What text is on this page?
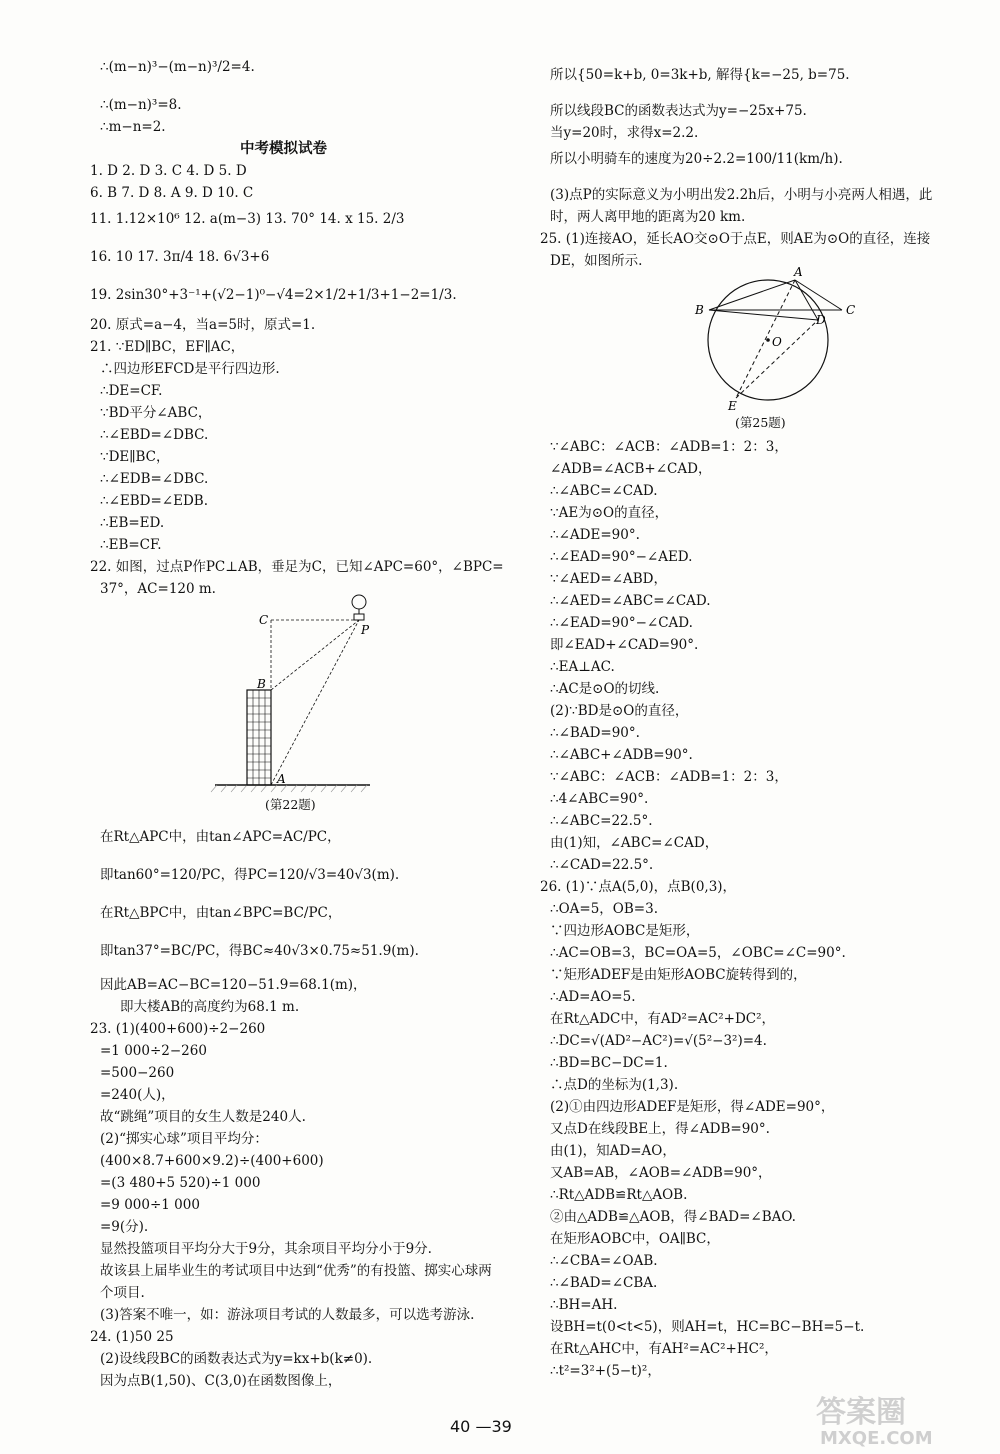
∴(m−n)³−(m−n)³/2=4.
∴(m−n)³=8.
∴m−n=2.
中考模拟试卷
1. D 2. D 3. C 4. D 5. D
6. B 7. D 8. A 9. D 10. C
11. 1.12×10⁶ 12. a(m−3) 13. 70° 14. x 15. 2/3
16. 10 17. 3π/4 18. 6√3+6
19. 2sin30°+3⁻¹+(√2−1)⁰−√4=2×1/2+1/3+1−2=1/3.
20. 原式=a−4，当a=5时，原式=1.
21. ∵ED∥BC，EF∥AC，
∴四边形EFCD是平行四边形.
∴DE=CF.
∵BD平分∠ABC，
∴∠EBD=∠DBC.
∵DE∥BC，
∴∠EDB=∠DBC.
∴∠EBD=∠EDB.
∴EB=ED.
∴EB=CF.
22. 如图，过点P作PC⊥AB，垂足为C，已知∠APC=60°，∠BPC=
37°，AC=120 m.
(第22题)
在Rt△APC中，由tan∠APC=AC/PC，
即tan60°=120/PC，得PC=120/√3=40√3(m).
在Rt△BPC中，由tan∠BPC=BC/PC，
即tan37°=BC/PC，得BC≈40√3×0.75≈51.9(m).
因此AB=AC−BC=120−51.9=68.1(m)，
即大楼AB的高度约为68.1 m.
23. (1)(400+600)÷2−260
=1 000÷2−260
=500−260
=240(人)，
故“跳绳”项目的女生人数是240人.
(2)“掷实心球”项目平均分：
(400×8.7+600×9.2)÷(400+600)
=(3 480+5 520)÷1 000
=9 000÷1 000
=9(分).
显然投篮项目平均分大于9分，其余项目平均分小于9分.
故该县上届毕业生的考试项目中达到“优秀”的有投篮、掷实心球两
个项目.
(3)答案不唯一，如：游泳项目考试的人数最多，可以选考游泳.
24. (1)50 25
(2)设线段BC的函数表达式为y=kx+b(k≠0).
因为点B(1,50)、C(3,0)在函数图像上，
所以{50=k+b, 0=3k+b, 解得{k=−25, b=75.
所以线段BC的函数表达式为y=−25x+75.
当y=20时，求得x=2.2.
所以小明骑车的速度为20÷2.2=100/11(km/h).
(3)点P的实际意义为小明出发2.2h后，小明与小亮两人相遇，此
时，两人离甲地的距离为20 km.
25. (1)连接AO，延长AO交⊙O于点E，则AE为⊙O的直径，连接
DE，如图所示.
(第25题)
∵∠ABC：∠ACB：∠ADB=1：2：3，
∠ADB=∠ACB+∠CAD，
∴∠ABC=∠CAD.
∵AE为⊙O的直径，
∴∠ADE=90°.
∴∠EAD=90°−∠AED.
∵∠AED=∠ABD，
∴∠AED=∠ABC=∠CAD.
∴∠EAD=90°−∠CAD.
即∠EAD+∠CAD=90°.
∴EA⊥AC.
∴AC是⊙O的切线.
(2)∵BD是⊙O的直径，
∴∠BAD=90°.
∴∠ABC+∠ADB=90°.
∵∠ABC：∠ACB：∠ADB=1：2：3，
∴4∠ABC=90°.
∴∠ABC=22.5°.
由(1)知，∠ABC=∠CAD，
∴∠CAD=22.5°.
26. (1)∵点A(5,0)，点B(0,3)，
∴OA=5，OB=3.
∵四边形AOBC是矩形，
∴AC=OB=3，BC=OA=5，∠OBC=∠C=90°.
∵矩形ADEF是由矩形AOBC旋转得到的，
∴AD=AO=5.
在Rt△ADC中，有AD²=AC²+DC²，
∴DC=√(AD²−AC²)=√(5²−3²)=4.
∴BD=BC−DC=1.
∴点D的坐标为(1,3).
(2)①由四边形ADEF是矩形，得∠ADE=90°，
又点D在线段BE上，得∠ADB=90°.
由(1)，知AD=AO，
又AB=AB，∠AOB=∠ADB=90°，
∴Rt△ADB≌Rt△AOB.
②由△ADB≌△AOB，得∠BAD=∠BAO.
在矩形AOBC中，OA∥BC，
∴∠CBA=∠OAB.
∴∠BAD=∠CBA.
∴BH=AH.
设BH=t(0<t<5)，则AH=t，HC=BC−BH=5−t.
在Rt△AHC中，有AH²=AC²+HC²，
∴t²=3²+(5−t)²，
C
P
B
A
A
B	C
D
O
E
40 —39	答案圈
MXQE.COM
